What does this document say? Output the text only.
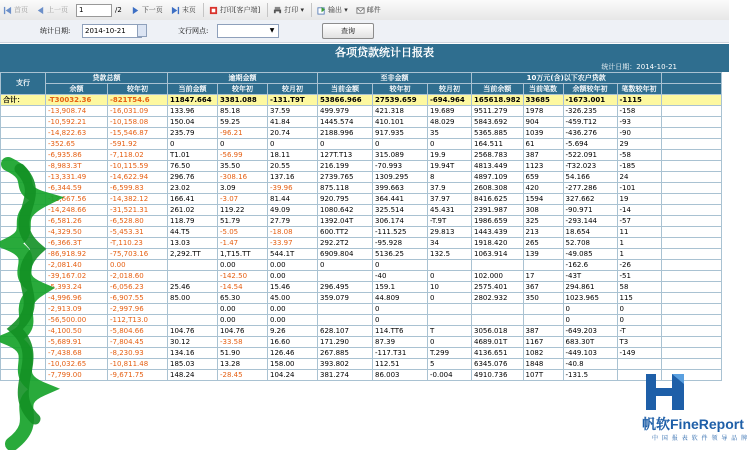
首页	上一页
1	/2	下一页	末页	打印[客户端]	打印 ▾	输出 ▾	邮件
统计日期:	2014-10-21	文行网点:	▼	查询
各项贷款统计日报表
统计日期：2014-10-21
支行	贷款总额		逾期金额			至非金额			10万元(含)以下农户贷款				
	余额	较年初	当前金额	较年初	较月初	当前金额	较年初	较月初	当前余额	当前笔数	余额较年初	笔数较年初	
合计：	-T30032.36	-821T54.6	11847.664	3381.088	-131.T9T	53866.966	27539.659	-694.964	165618.982	33685	-1673.001	-1115	
	-13,908.74	-16,031.09	133.96	85.18	37.59	499.979	421.318	19.689	9511.279	1978	-326.235	-158	
	-10,592.21	-10,158.08	150.04	59.25	41.84	1445.574	410.101	48.029	5843.692	904	-459.T12	-93	
	-14,822.63	-15,546.87	235.79	-96.21	20.74	2188.996	917.935	35	5365.885	1039	-436.276	-90	
	-352.65	-591.92	0	0	0	0	0	0	164.511	61	-5.694	29	
	-6,935.86	-7,118.02	T1.01	-56.99	18.11	127T.T13	315.089	19.9	2568.783	387	-522.091	-58	
	-8,983.3T	-10,115.59	76.50	35.50	20.55	216.199	-70.993	19.94T	4813.449	1123	-T32.023	-185	
	-13,331.49	-14,622.94	296.76	-308.16	137.16	2739.765	1309.295	8	4897.109	659	54.166	24	
	-6,344.59	-6,599.83	23.02	3.09	-39.96	875.118	399.663	37.9	2608.308	420	-277.286	-101	
	-12,667.56	-14,382.12	166.41	-3.07	81.44	920.795	364.441	37.97	8416.625	1594	327.662	19	
	-14,248.66	-31,521.31	261.02	119.22	49.09	1080.642	325.514	45.431	2391.987	308	-90.971	-14	
	-6,581.26	-6,528.80	118.79	51.79	27.79	1392.04T	306.174	-T.9T	1986.659	325	-293.144	-57	
	-4,329.50	-5,453.31	44.T5	-5.05	-18.08	600.TT2	-111.525	29.813	1443.439	213	18.654	11	
	-6,366.3T	-T,110.23	13.03	-1.47	-33.97	292.2T2	-95.928	34	1918.420	265	52.708	1	
	-86,918.92	-75,703.16	2,292.TT	1,T15.TT	544.1T	6909.804	5136.25	132.5	1063.914	139	-49.085	1	
	-2,081.40	0.00		0.00	0.00	0	0				-162.6	-26	
	-39,167.02	-2,018.60		-142.50	0.00		-40	0	102.000	17	-43T	-51	
	-5,393.24	-6,056.23	25.46	-14.54	15.46	296.495	159.1	10	2575.401	367	294.861	58	
	-4,996.96	-6,907.55	85.00	65.30	45.00	359.079	44.809	0	2802.932	350	1023.965	115	
	-2,913.09	-2,997.96		0.00	0.00		0				0	0	
	-56,500.00	-112,T13.0		0.00	0.00		0				0	0	
	-4,100.50	-5,804.66	104.76	104.76	9.26	628.107	114.TT6	T	3056.018	387	-649.203	-T	
	-5,689.91	-7,804.45	30.12	-33.58	16.60	171.290	87.39	0	4689.01T	1167	683.30T	T3	
	-7,438.68	-8,230.93	134.16	51.90	126.46	267.885	-117.T31	T.299	4136.651	1082	-449.103	-149	
	-10,032.65	-10,811.48	185.03	13.28	158.00	393.802	112.51	5	6345.076	1848	-40.8		
	-7,799.00	-9,671.75	148.24	-28.45	104.24	381.274	86.003	-0.004	4910.736	107T	-131.5		
帆软FineReport
中 国 报 表 软 件 领 导 品 牌
